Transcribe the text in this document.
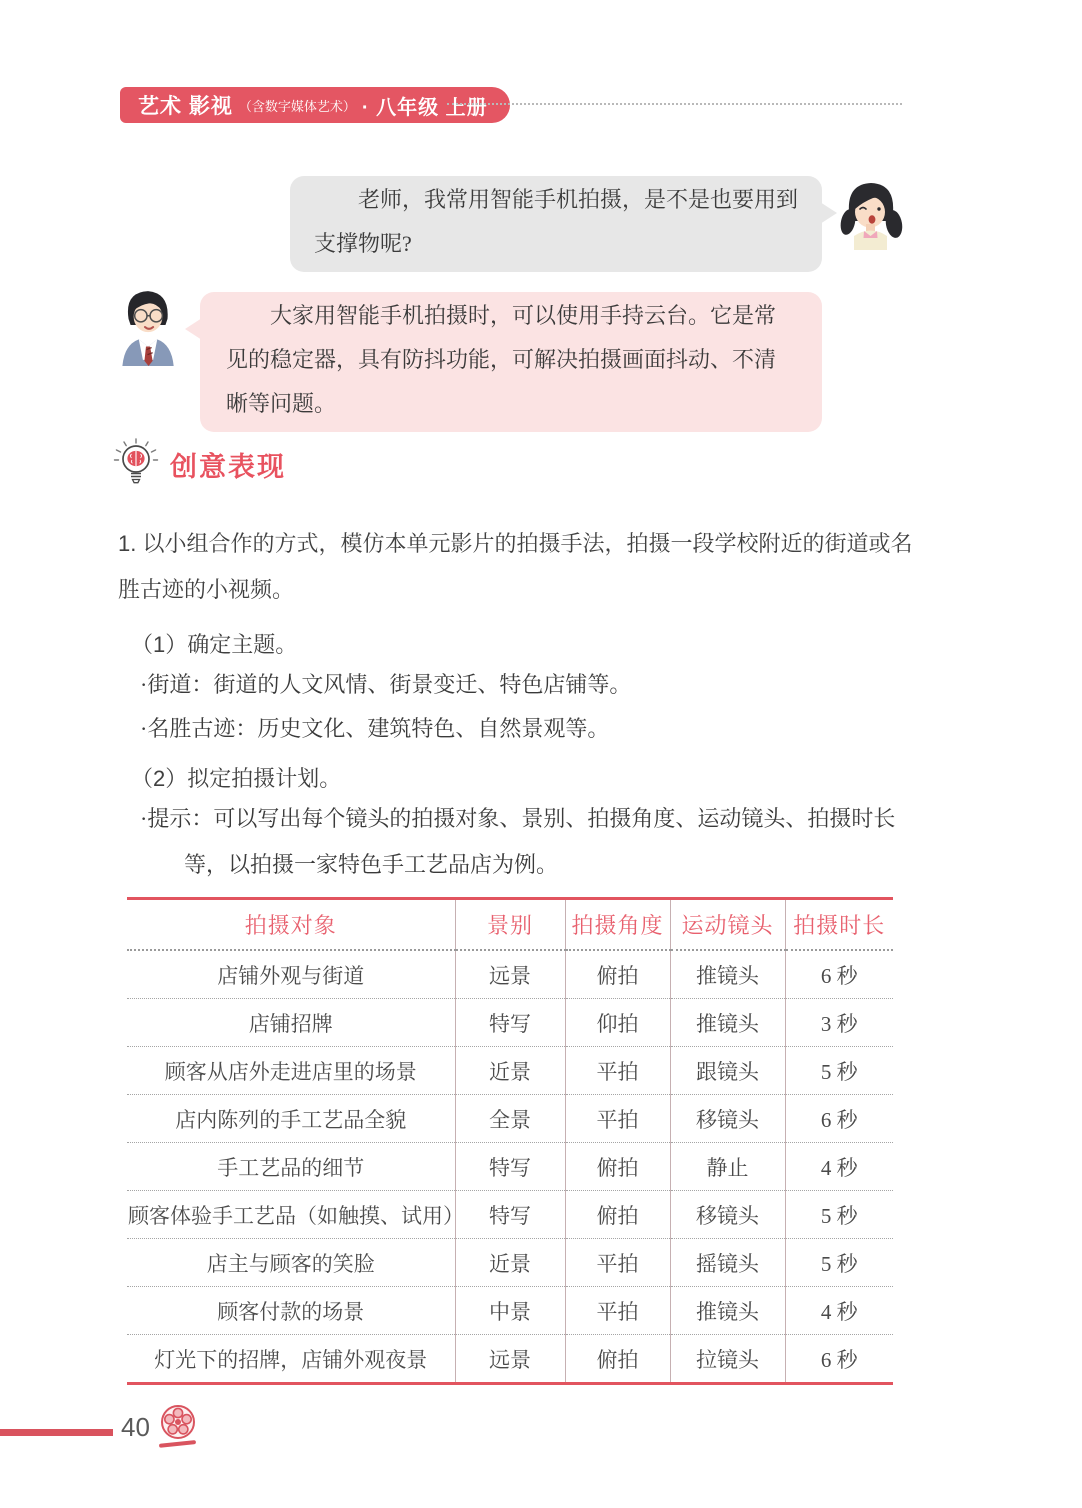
艺术 影视 （含数字媒体艺术） · 八年级 上册
老师，我常用智能手机拍摄，是不是也要用到支撑物呢?
大家用智能手机拍摄时，可以使用手持云台。它是常见的稳定器，具有防抖功能，可解决拍摄画面抖动、不清晰等问题。
创意表现
1. 以小组合作的方式，模仿本单元影片的拍摄手法，拍摄一段学校附近的街道或名胜古迹的小视频。
（1）确定主题。
·街道：街道的人文风情、街景变迁、特色店铺等。
·名胜古迹：历史文化、建筑特色、自然景观等。
（2）拟定拍摄计划。
·提示：可以写出每个镜头的拍摄对象、景别、拍摄角度、运动镜头、拍摄时长等，以拍摄一家特色手工艺品店为例。
拍摄对象	景别	拍摄角度	运动镜头	拍摄时长
店铺外观与街道	远景	俯拍	推镜头	6 秒
店铺招牌	特写	仰拍	推镜头	3 秒
顾客从店外走进店里的场景	近景	平拍	跟镜头	5 秒
店内陈列的手工艺品全貌	全景	平拍	移镜头	6 秒
手工艺品的细节	特写	俯拍	静止	4 秒
顾客体验手工艺品（如触摸、试用）	特写	俯拍	移镜头	5 秒
店主与顾客的笑脸	近景	平拍	摇镜头	5 秒
顾客付款的场景	中景	平拍	推镜头	4 秒
灯光下的招牌，店铺外观夜景	远景	俯拍	拉镜头	6 秒
40
